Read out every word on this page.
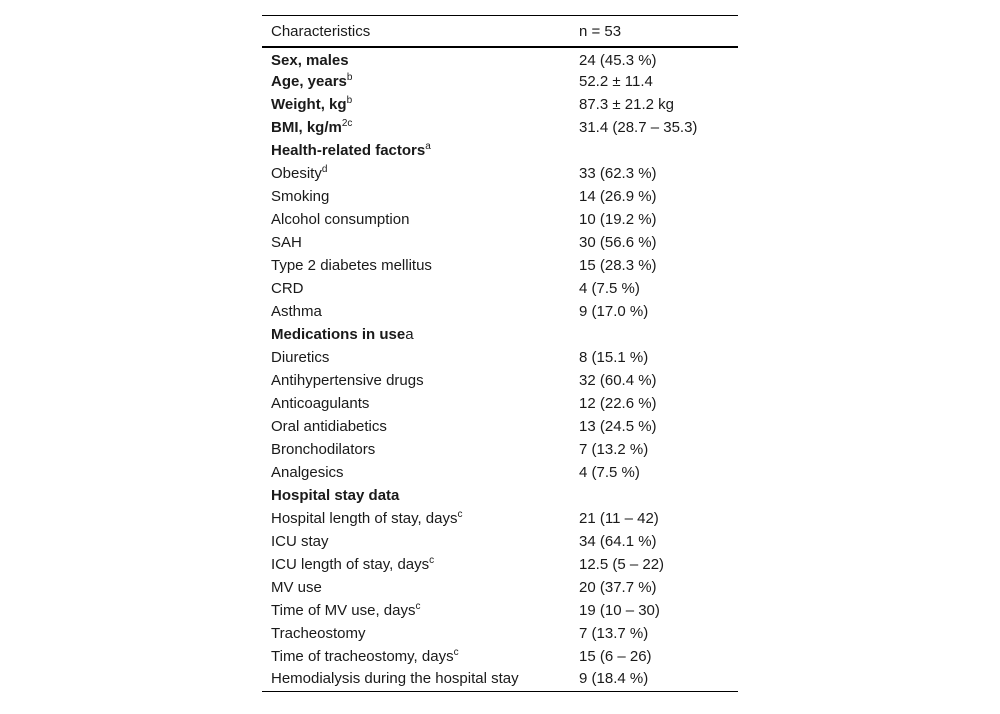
Characteristics	n = 53
Sex, males	24 (45.3 %)
Age, years$^b$	52.2 ± 11.4
Weight, $kg^b$	87.3 ± 21.2 kg
BMI, $kg/m^{2c}$	31.4 (28.7 – 35.3)
Health-related factors$^a$	
Obesity$^d$	33 (62.3 %)
Smoking	14 (26.9 %)
Alcohol consumption	10 (19.2 %)
SAH	30 (56.6 %)
Type 2 diabetes mellitus	15 (28.3 %)
CRD	4 (7.5 %)
Asthma	9 (17.0 %)
Medications in usea	
Diuretics	8 (15.1 %)
Antihypertensive drugs	32 (60.4 %)
Anticoagulants	12 (22.6 %)
Oral antidiabetics	13 (24.5 %)
Bronchodilators	7 (13.2 %)
Analgesics	4 (7.5 %)
Hospital stay data	
Hospital length of stay, days$^c$	21 (11 – 42)
ICU stay	34 (64.1 %)
ICU length of stay, days$^c$	12.5 (5 – 22)
MV use	20 (37.7 %)
Time of MV use, days$^c$	19 (10 – 30)
Tracheostomy	7 (13.7 %)
Time of tracheostomy, days$^c$	15 (6 – 26)
Hemodialysis during the hospital stay	9 (18.4 %)
